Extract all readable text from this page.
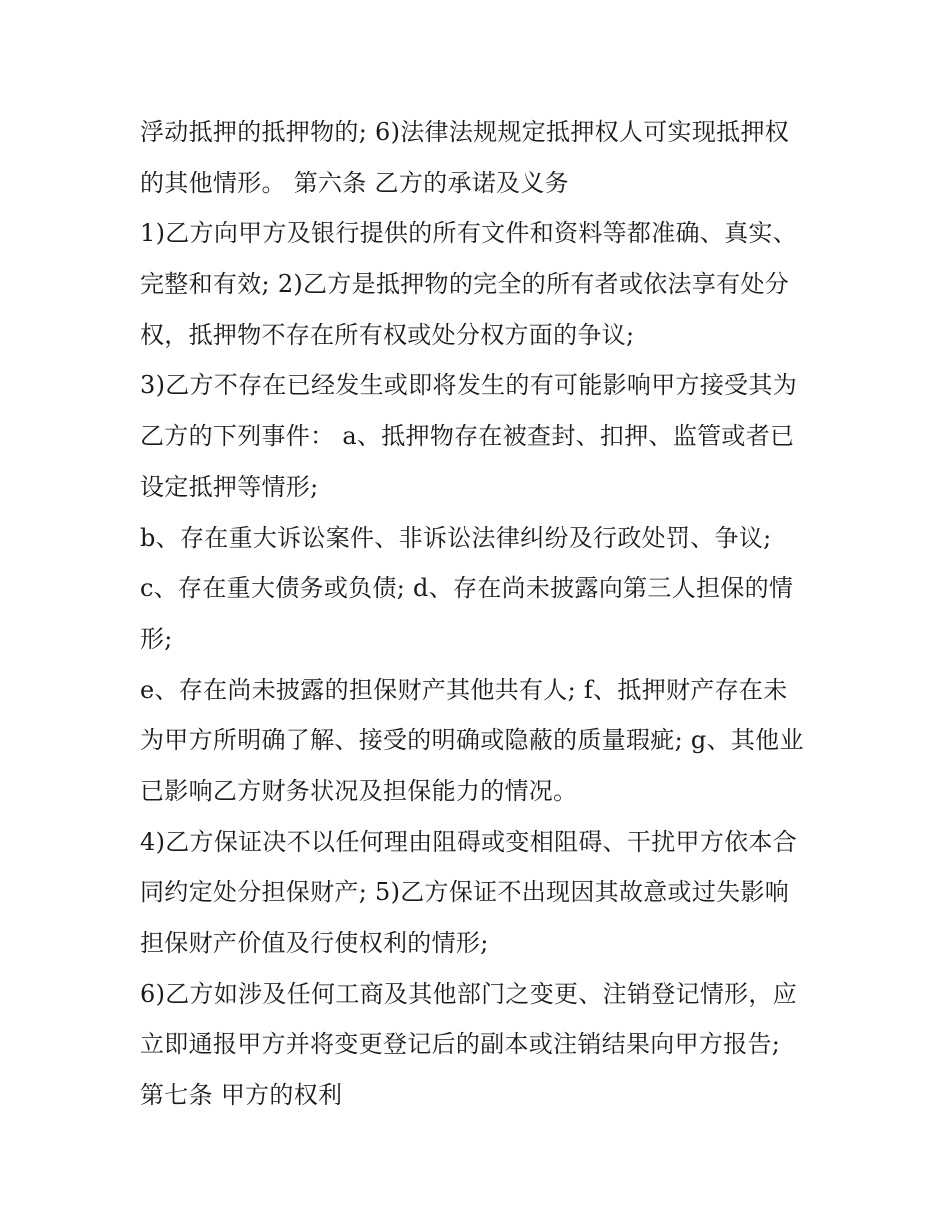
浮动抵押的抵押物的; 6)法律法规规定抵押权人可实现抵押权
的其他情形。 第六条 乙方的承诺及义务
1)乙方向甲方及银行提供的所有文件和资料等都准确、真实、
完整和有效; 2)乙方是抵押物的完全的所有者或依法享有处分
权，抵押物不存在所有权或处分权方面的争议;
3)乙方不存在已经发生或即将发生的有可能影响甲方接受其为
乙方的下列事件： a、抵押物存在被查封、扣押、监管或者已
设定抵押等情形;
b、存在重大诉讼案件、非诉讼法律纠纷及行政处罚、争议;
c、存在重大债务或负债; d、存在尚未披露向第三人担保的情
形;
e、存在尚未披露的担保财产其他共有人; f、抵押财产存在未
为甲方所明确了解、接受的明确或隐蔽的质量瑕疵; g、其他业
已影响乙方财务状况及担保能力的情况。
4)乙方保证决不以任何理由阻碍或变相阻碍、干扰甲方依本合
同约定处分担保财产; 5)乙方保证不出现因其故意或过失影响
担保财产价值及行使权利的情形;
6)乙方如涉及任何工商及其他部门之变更、注销登记情形，应
立即通报甲方并将变更登记后的副本或注销结果向甲方报告;
第七条 甲方的权利
